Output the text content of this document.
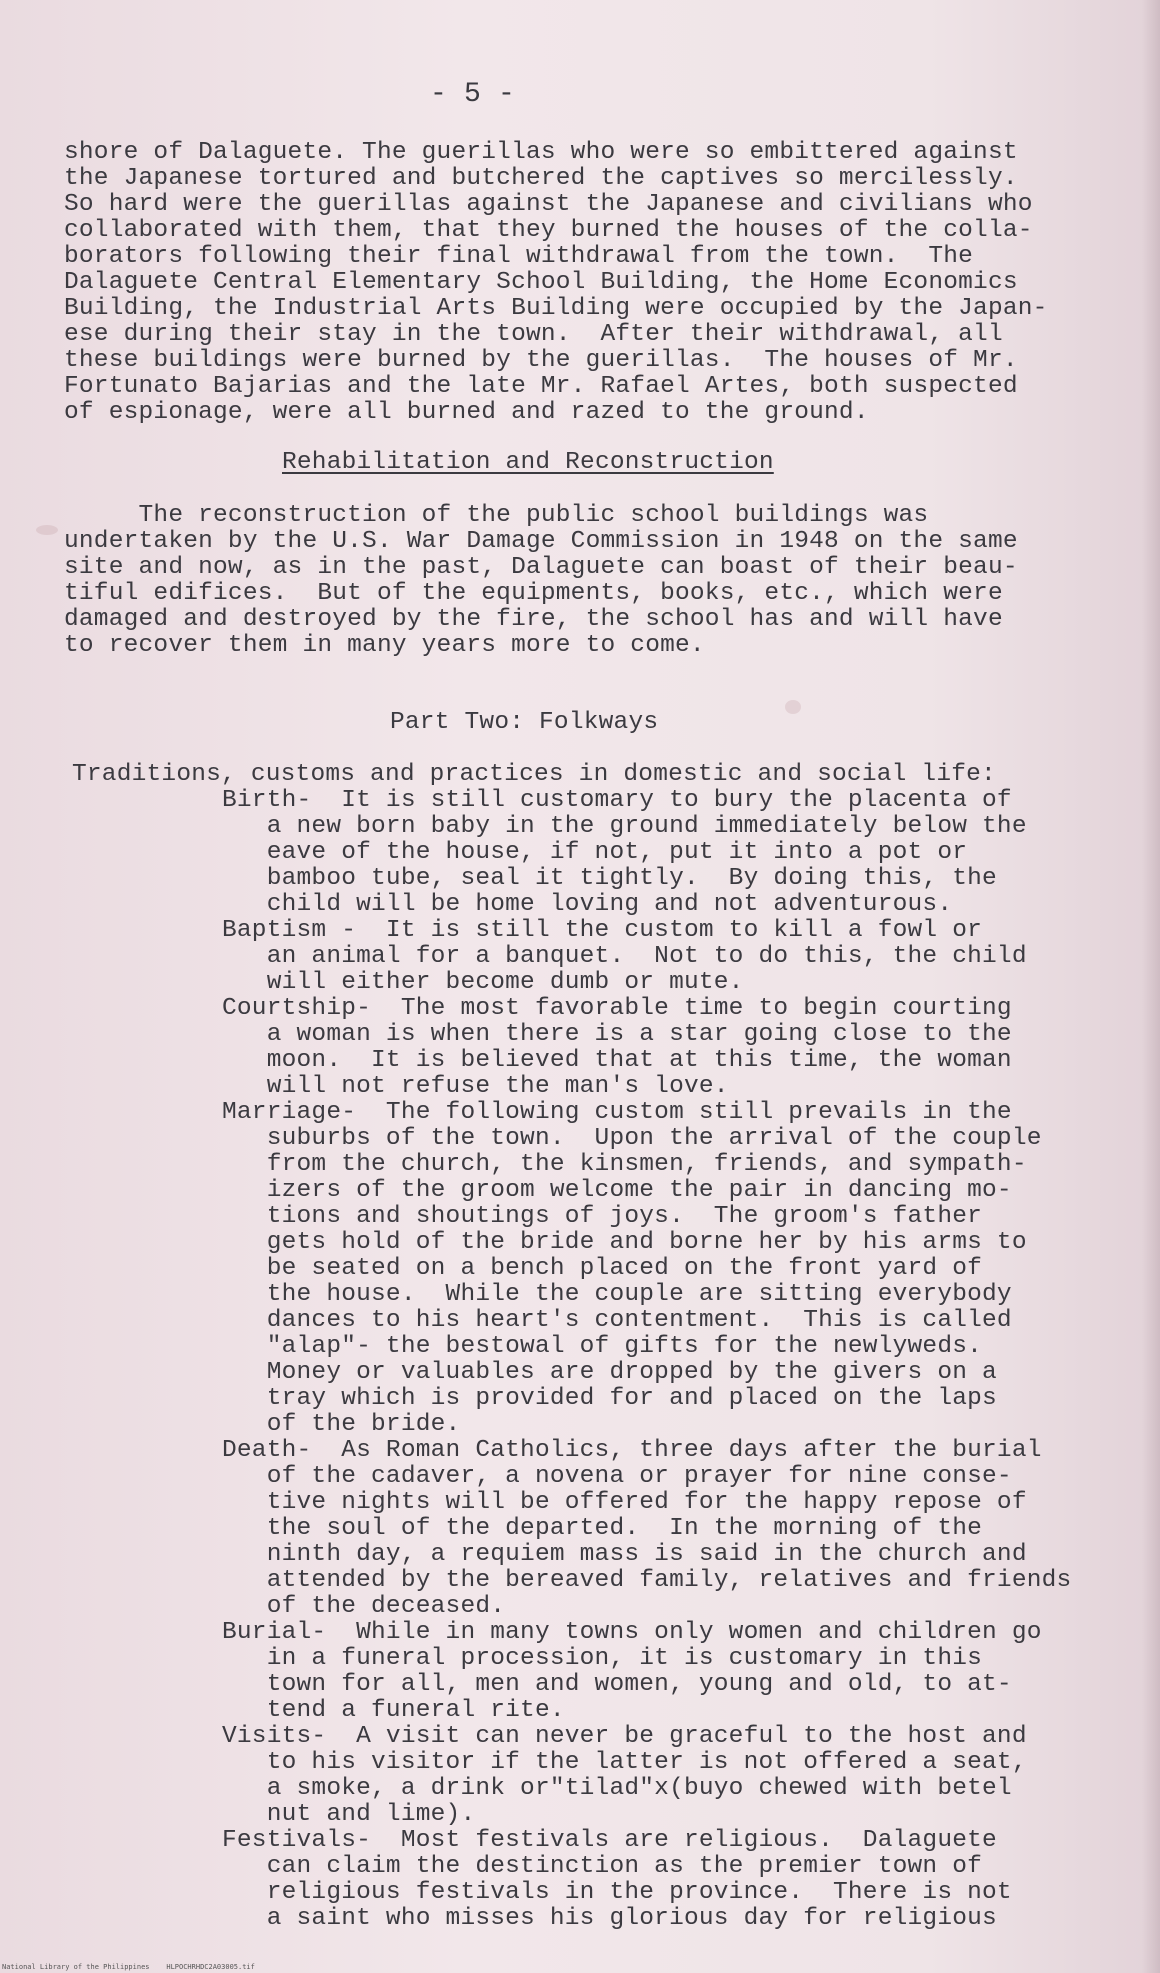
- 5 -
shore of Dalaguete. The guerillas who were so embittered against
the Japanese tortured and butchered the captives so mercilessly.
So hard were the guerillas against the Japanese and civilians who
collaborated with them, that they burned the houses of the colla-
borators following their final withdrawal from the town.  The
Dalaguete Central Elementary School Building, the Home Economics
Building, the Industrial Arts Building were occupied by the Japan-
ese during their stay in the town.  After their withdrawal, all
these buildings were burned by the guerillas.  The houses of Mr.
Fortunato Bajarias and the late Mr. Rafael Artes, both suspected
of espionage, were all burned and razed to the ground.
Rehabilitation and Reconstruction
The reconstruction of the public school buildings was
undertaken by the U.S. War Damage Commission in 1948 on the same
site and now, as in the past, Dalaguete can boast of their beau-
tiful edifices.  But of the equipments, books, etc., which were
damaged and destroyed by the fire, the school has and will have
to recover them in many years more to come.
Part Two: Folkways
Traditions, customs and practices in domestic and social life:
Birth-  It is still customary to bury the placenta of
a new born baby in the ground immediately below the
eave of the house, if not, put it into a pot or
bamboo tube, seal it tightly.  By doing this, the
child will be home loving and not adventurous.
Baptism -  It is still the custom to kill a fowl or
an animal for a banquet.  Not to do this, the child
will either become dumb or mute.
Courtship-  The most favorable time to begin courting
a woman is when there is a star going close to the
moon.  It is believed that at this time, the woman
will not refuse the man's love.
Marriage-  The following custom still prevails in the
suburbs of the town.  Upon the arrival of the couple
from the church, the kinsmen, friends, and sympath-
izers of the groom welcome the pair in dancing mo-
tions and shoutings of joys.  The groom's father
gets hold of the bride and borne her by his arms to
be seated on a bench placed on the front yard of
the house.  While the couple are sitting everybody
dances to his heart's contentment.  This is called
"alap"- the bestowal of gifts for the newlyweds.
Money or valuables are dropped by the givers on a
tray which is provided for and placed on the laps
of the bride.
Death-  As Roman Catholics, three days after the burial
of the cadaver, a novena or prayer for nine conse-
tive nights will be offered for the happy repose of
the soul of the departed.  In the morning of the
ninth day, a requiem mass is said in the church and
attended by the bereaved family, relatives and friends
of the deceased.
Burial-  While in many towns only women and children go
in a funeral procession, it is customary in this
town for all, men and women, young and old, to at-
tend a funeral rite.
Visits-  A visit can never be graceful to the host and
to his visitor if the latter is not offered a seat,
a smoke, a drink or"tilad"x(buyo chewed with betel
nut and lime).
Festivals-  Most festivals are religious.  Dalaguete
can claim the destinction as the premier town of
religious festivals in the province.  There is not
a saint who misses his glorious day for religious
National Library of the Philippines    HLPOCHRHDC2A03005.tif
